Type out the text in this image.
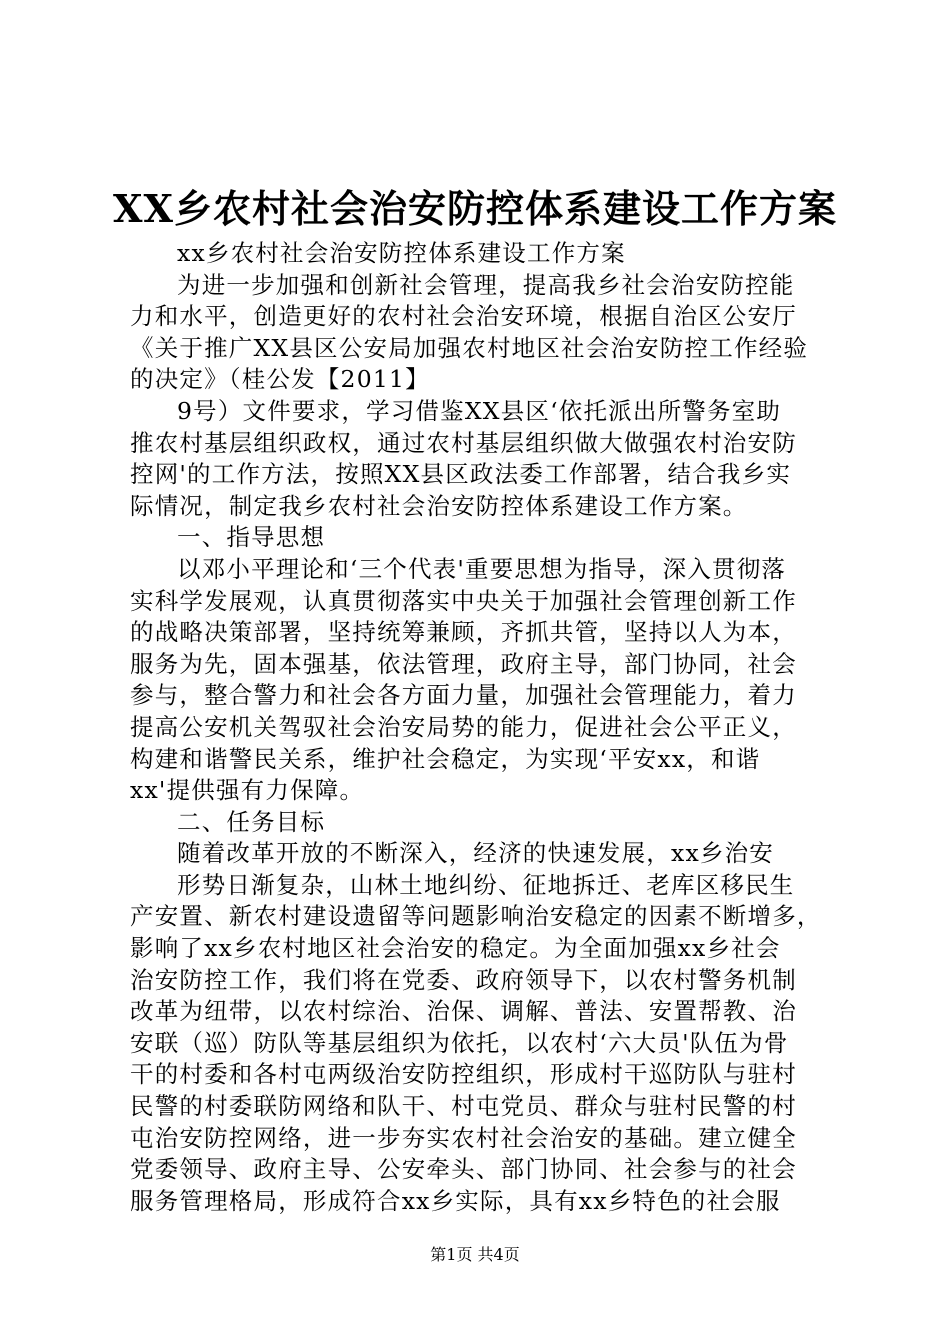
XX乡农村社会治安防控体系建设工作方案
xx乡农村社会治安防控体系建设工作方案
为进一步加强和创新社会管理，提高我乡社会治安防控能
力和水平，创造更好的农村社会治安环境，根据自治区公安厅
《关于推广XX县区公安局加强农村地区社会治安防控工作经验
的决定》（桂公发【2011】
9号）文件要求，学习借鉴XX县区‘依托派出所警务室助
推农村基层组织政权，通过农村基层组织做大做强农村治安防
控网'的工作方法，按照XX县区政法委工作部署，结合我乡实
际情况，制定我乡农村社会治安防控体系建设工作方案。
一、指导思想
以邓小平理论和‘三个代表'重要思想为指导，深入贯彻落
实科学发展观，认真贯彻落实中央关于加强社会管理创新工作
的战略决策部署，坚持统筹兼顾，齐抓共管，坚持以人为本，
服务为先，固本强基，依法管理，政府主导，部门协同，社会
参与，整合警力和社会各方面力量，加强社会管理能力，着力
提高公安机关驾驭社会治安局势的能力，促进社会公平正义，
构建和谐警民关系，维护社会稳定，为实现‘平安xx，和谐
xx'提供强有力保障。
二、任务目标
随着改革开放的不断深入，经济的快速发展，xx乡治安
形势日渐复杂，山林土地纠纷、征地拆迁、老库区移民生
产安置、新农村建设遗留等问题影响治安稳定的因素不断增多，
影响了xx乡农村地区社会治安的稳定。为全面加强xx乡社会
治安防控工作，我们将在党委、政府领导下，以农村警务机制
改革为纽带，以农村综治、治保、调解、普法、安置帮教、治
安联（巡）防队等基层组织为依托，以农村‘六大员'队伍为骨
干的村委和各村屯两级治安防控组织，形成村干巡防队与驻村
民警的村委联防网络和队干、村屯党员、群众与驻村民警的村
屯治安防控网络，进一步夯实农村社会治安的基础。建立健全
党委领导、政府主导、公安牵头、部门协同、社会参与的社会
服务管理格局，形成符合xx乡实际，具有xx乡特色的社会服
第1页 共4页
